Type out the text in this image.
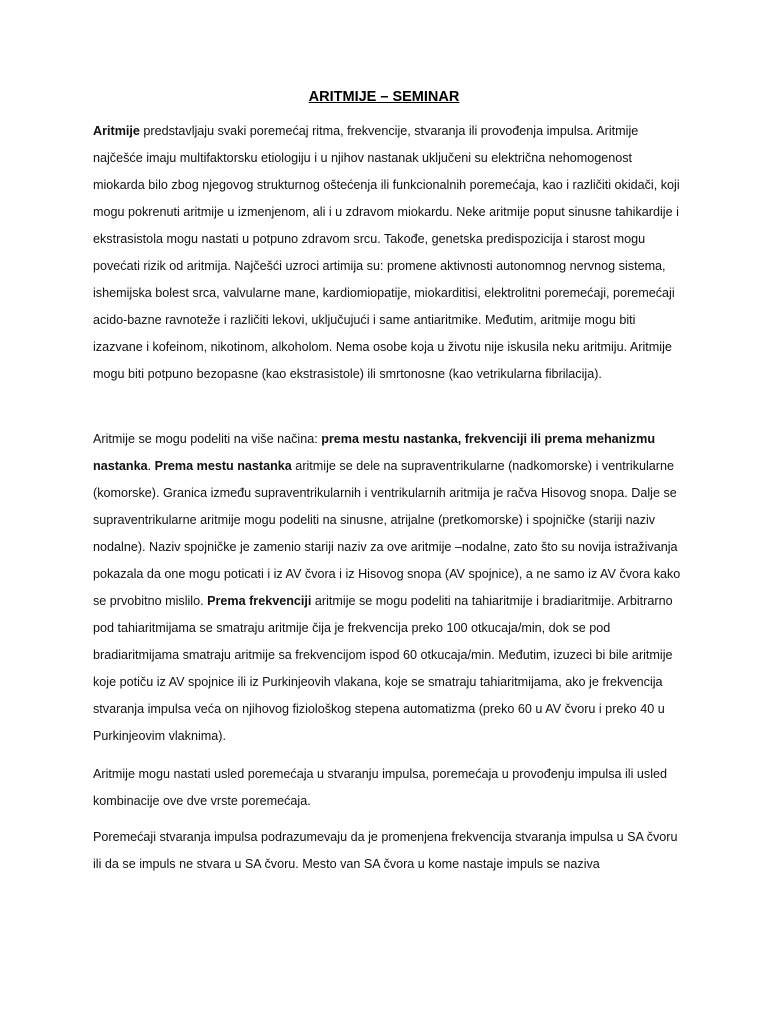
ARITMIJE – SEMINAR

Aritmije predstavljaju svaki poremećaj ritma, frekvencije, stvaranja ili provođenja impulsa. Aritmije najčešće imaju multifaktorsku etiologiju i u njihov nastanak uključeni su električna nehomogenost miokarda bilo zbog njegovog strukturnog oštećenja ili funkcionalnih poremećaja, kao i različiti okidači, koji mogu pokrenuti aritmije u izmenjenom, ali i u zdravom miokardu. Neke aritmije poput sinusne tahikardije i ekstrasistola mogu nastati u potpuno zdravom srcu. Takođe, genetska predispozicija i starost mogu povećati rizik od aritmija. Najčešći uzroci artimija su: promene aktivnosti autonomnog nervnog sistema, ishemijska bolest srca, valvularne mane, kardiomiopatije, miokarditisi, elektrolitni poremećaji, poremećaji acido-bazne ravnoteže i različiti lekovi, uključujući i same antiaritmike. Međutim, aritmije mogu biti izazvane i kofeinom, nikotinom, alkoholom. Nema osobe koja u životu nije iskusila neku aritmiju. Aritmije mogu biti potpuno bezopasne (kao ekstrasistole) ili smrtonosne (kao vetrikularna fibrilacija).

Aritmije se mogu podeliti na više načina: prema mestu nastanka, frekvenciji ili prema mehanizmu nastanka. Prema mestu nastanka aritmije se dele na supraventrikularne (nadkomorske) i ventrikularne (komorske). Granica između supraventrikularnih i ventrikularnih aritmija je račva Hisovog snopa. Dalje se supraventrikularne aritmije mogu podeliti na sinusne, atrijalne (pretkomorske) i spojničke (stariji naziv nodalne). Naziv spojničke je zamenio stariji naziv za ove aritmije –nodalne, zato što su novija istraživanja pokazala da one mogu poticati i iz AV čvora i iz Hisovog snopa (AV spojnice), a ne samo iz AV čvora kako se prvobitno mislilo. Prema frekvenciji aritmije se mogu podeliti na tahiaritmije i bradiaritmije. Arbitrarno pod tahiaritmijama se smatraju aritmije čija je frekvencija preko 100 otkucaja/min, dok se pod bradiaritmijama smatraju aritmije sa frekvencijom ispod 60 otkucaja/min. Međutim, izuzeci bi bile aritmije koje potiču iz AV spojnice ili iz Purkinjeovih vlakana, koje se smatraju tahiaritmijama, ako je frekvencija stvaranja impulsa veća on njihovog fiziološkog stepena automatizma (preko 60 u AV čvoru i preko 40 u Purkinjeovim vlaknima).

Aritmije mogu nastati usled poremećaja u stvaranju impulsa, poremećaja u provođenju impulsa ili usled kombinacije ove dve vrste poremećaja.

Poremećaji stvaranja impulsa podrazumevaju da je promenjena frekvencija stvaranja impulsa u SA čvoru ili da se impuls ne stvara u SA čvoru. Mesto van SA čvora u kome nastaje impuls se naziva
